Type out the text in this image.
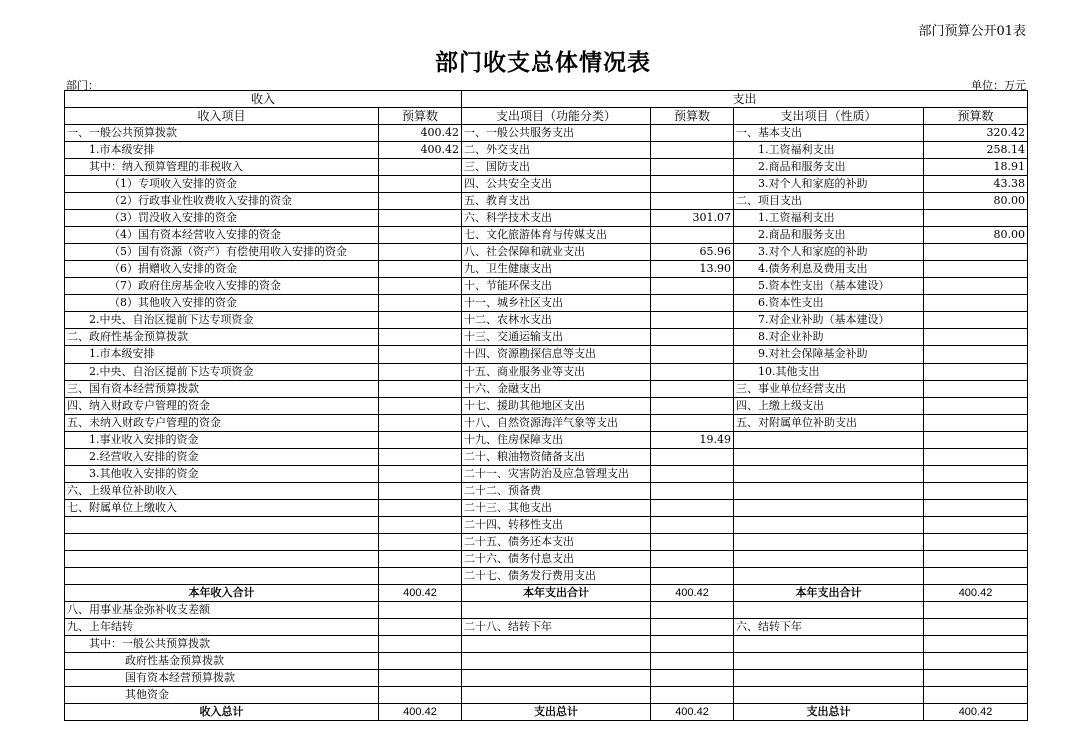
部门预算公开01表
部门收支总体情况表
部门：	单位：万元
收入		支出			
收入项目	预算数	支出项目（功能分类）	预算数	支出项目（性质）	预算数
一、一般公共预算拨款	400.42	一、一般公共服务支出		一、基本支出	320.42
1.市本级安排	400.42	二、外交支出		1.工资福利支出	258.14
其中：纳入预算管理的非税收入		三、国防支出		2.商品和服务支出	18.91
（1）专项收入安排的资金		四、公共安全支出		3.对个人和家庭的补助	43.38
（2）行政事业性收费收入安排的资金		五、教育支出		二、项目支出	80.00
（3）罚没收入安排的资金		六、科学技术支出	301.07	1.工资福利支出	
（4）国有资本经营收入安排的资金		七、文化旅游体育与传媒支出		2.商品和服务支出	80.00
（5）国有资源（资产）有偿使用收入安排的资金		八、社会保障和就业支出	65.96	3.对个人和家庭的补助	
（6）捐赠收入安排的资金		九、卫生健康支出	13.90	4.债务利息及费用支出	
（7）政府住房基金收入安排的资金		十、节能环保支出		5.资本性支出（基本建设）	
（8）其他收入安排的资金		十一、城乡社区支出		6.资本性支出	
2.中央、自治区提前下达专项资金		十二、农林水支出		7.对企业补助（基本建设）	
二、政府性基金预算拨款		十三、交通运输支出		8.对企业补助	
1.市本级安排		十四、资源勘探信息等支出		9.对社会保障基金补助	
2.中央、自治区提前下达专项资金		十五、商业服务业等支出		10.其他支出	
三、国有资本经营预算拨款		十六、金融支出		三、事业单位经营支出	
四、纳入财政专户管理的资金		十七、援助其他地区支出		四、上缴上级支出	
五、未纳入财政专户管理的资金		十八、自然资源海洋气象等支出		五、对附属单位补助支出	
1.事业收入安排的资金		十九、住房保障支出	19.49		
2.经营收入安排的资金		二十、粮油物资储备支出			
3.其他收入安排的资金		二十一、灾害防治及应急管理支出			
六、上级单位补助收入		二十二、预备费			
七、附属单位上缴收入		二十三、其他支出			
		二十四、转移性支出			
		二十五、债务还本支出			
		二十六、债务付息支出			
		二十七、债务发行费用支出			
本年收入合计	400.42	本年支出合计	400.42	本年支出合计	400.42
八、用事业基金弥补收支差额					
九、上年结转		二十八、结转下年		六、结转下年	
其中：一般公共预算拨款					
政府性基金预算拨款					
国有资本经营预算拨款					
其他资金					
收入总计	400.42	支出总计	400.42	支出总计	400.42
